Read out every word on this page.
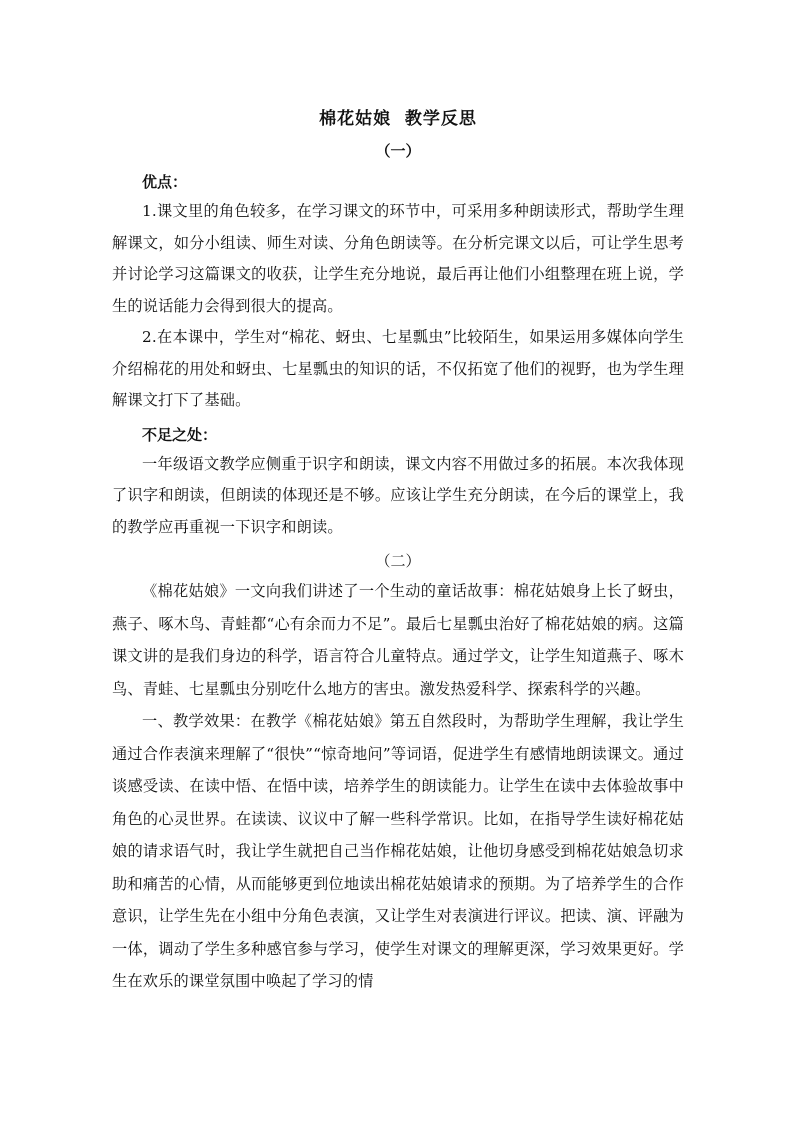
棉花姑娘  教学反思
（一）
优点：

1.课文里的角色较多，在学习课文的环节中，可采用多种朗读形式，帮助学生理解课文，如分小组读、师生对读、分角色朗读等。在分析完课文以后，可让学生思考并讨论学习这篇课文的收获，让学生充分地说，最后再让他们小组整理在班上说，学生的说话能力会得到很大的提高。

2.在本课中，学生对“棉花、蚜虫、七星瓢虫”比较陌生，如果运用多媒体向学生介绍棉花的用处和蚜虫、七星瓢虫的知识的话，不仅拓宽了他们的视野，也为学生理解课文打下了基础。

不足之处：

一年级语文教学应侧重于识字和朗读，课文内容不用做过多的拓展。本次我体现了识字和朗读，但朗读的体现还是不够。应该让学生充分朗读，在今后的课堂上，我的教学应再重视一下识字和朗读。

（二）

《棉花姑娘》一文向我们讲述了一个生动的童话故事：棉花姑娘身上长了蚜虫，燕子、啄木鸟、青蛙都“心有余而力不足”。最后七星瓢虫治好了棉花姑娘的病。这篇课文讲的是我们身边的科学，语言符合儿童特点。通过学文，让学生知道燕子、啄木鸟、青蛙、七星瓢虫分别吃什么地方的害虫。激发热爱科学、探索科学的兴趣。

一、教学效果：在教学《棉花姑娘》第五自然段时，为帮助学生理解，我让学生通过合作表演来理解了“很快”“惊奇地问”等词语，促进学生有感情地朗读课文。通过谈感受读、在读中悟、在悟中读，培养学生的朗读能力。让学生在读中去体验故事中角色的心灵世界。在读读、议议中了解一些科学常识。比如，在指导学生读好棉花姑娘的请求语气时，我让学生就把自己当作棉花姑娘，让他切身感受到棉花姑娘急切求助和痛苦的心情，从而能够更到位地读出棉花姑娘请求的预期。为了培养学生的合作意识，让学生先在小组中分角色表演，又让学生对表演进行评议。把读、演、评融为一体，调动了学生多种感官参与学习，使学生对课文的理解更深，学习效果更好。学生在欢乐的课堂氛围中唤起了学习的情
